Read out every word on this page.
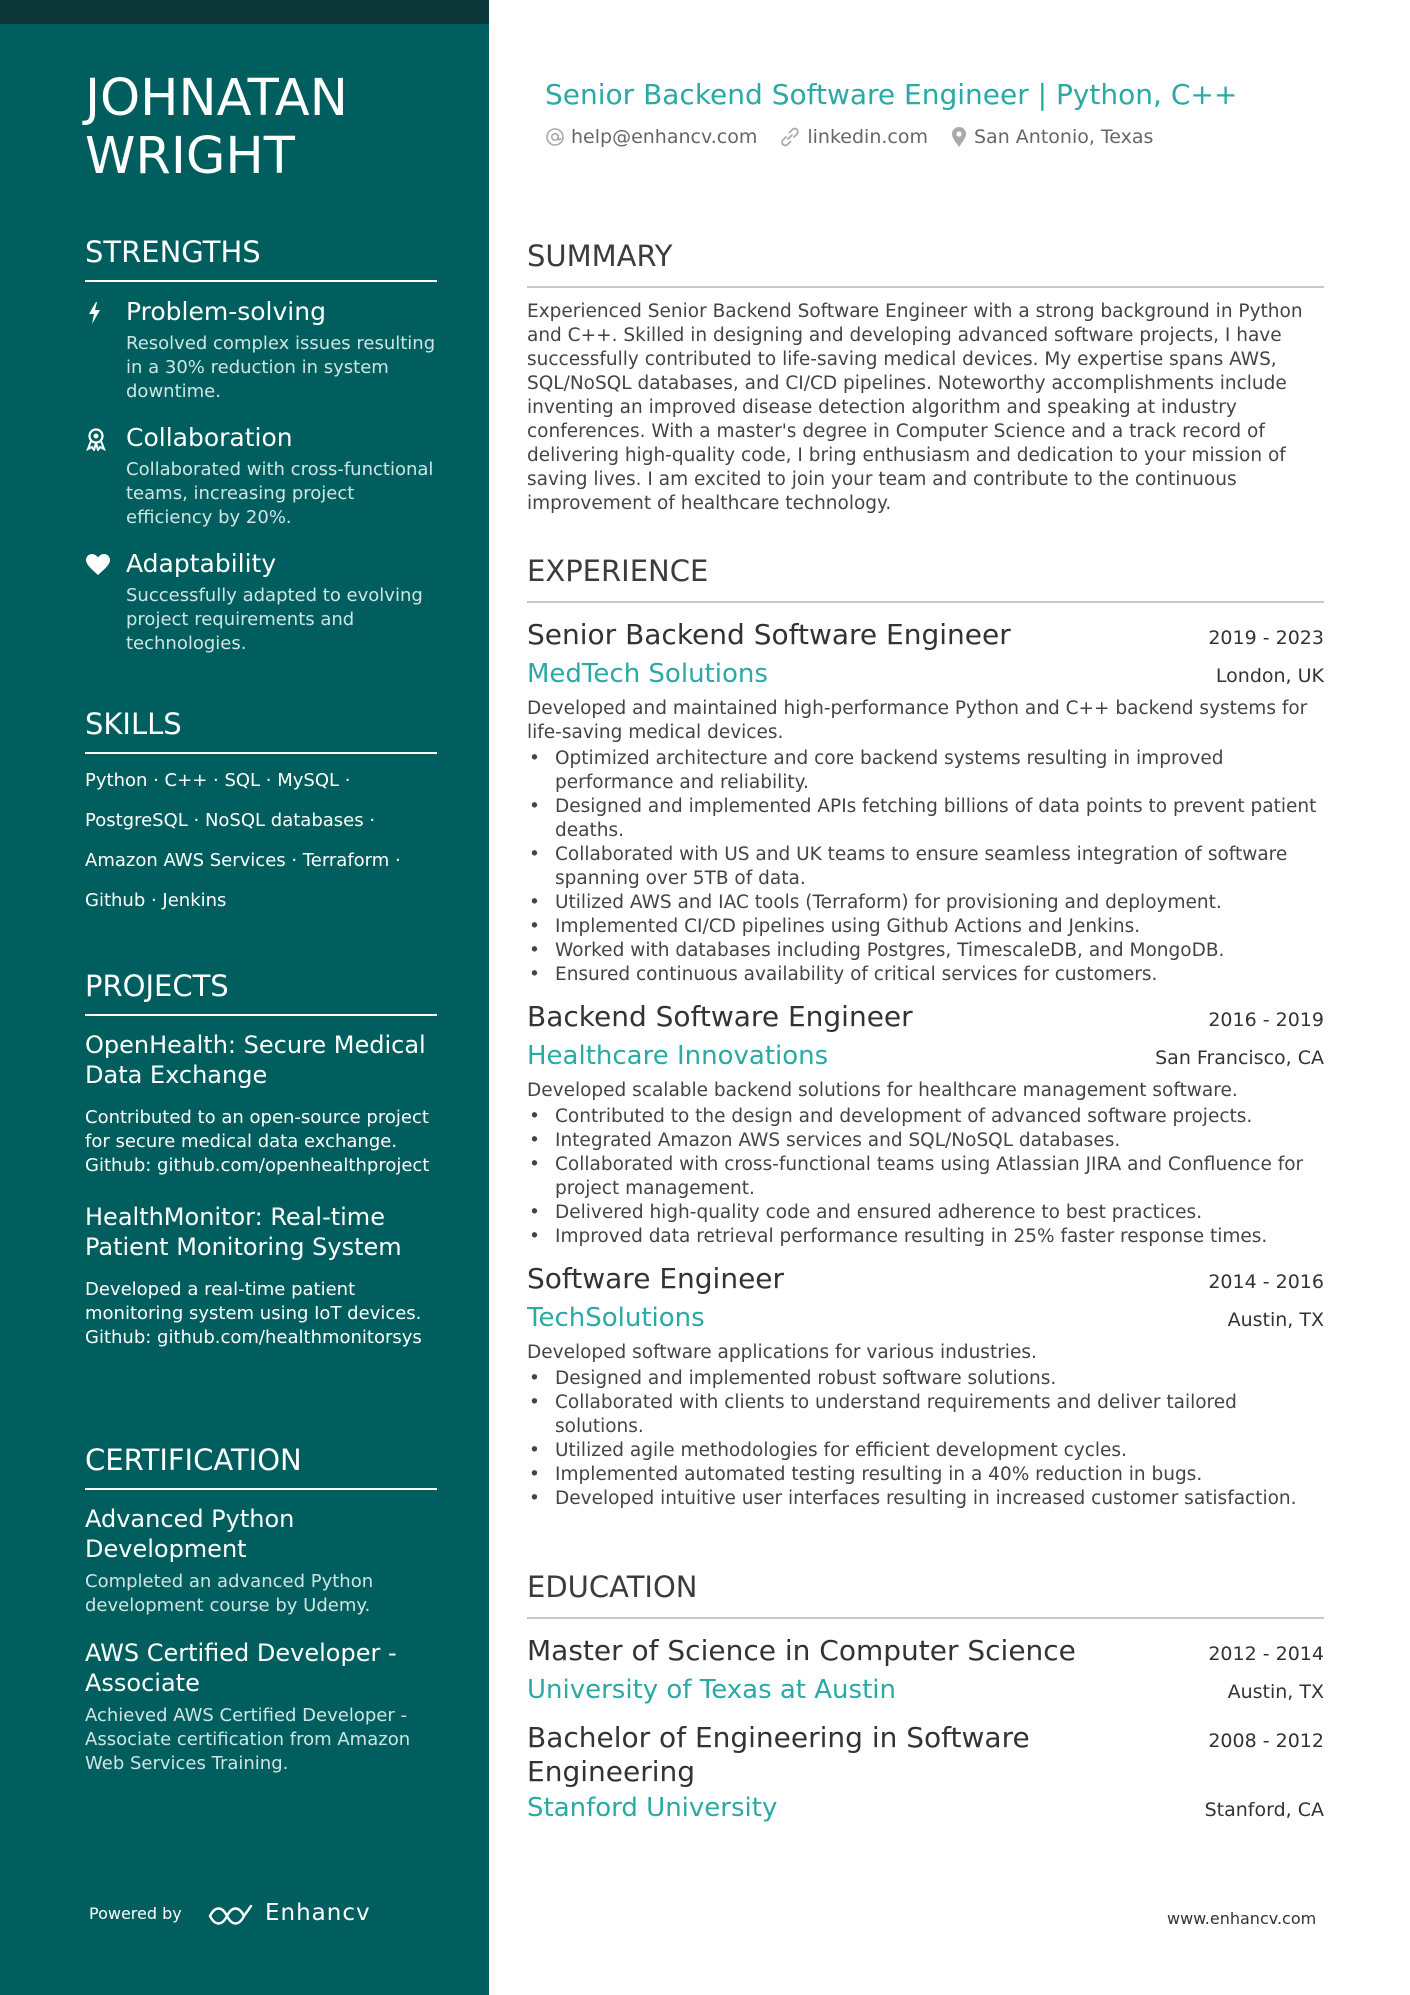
JOHNATAN WRIGHT
STRENGTHS
Problem-solving
Resolved complex issues resulting in a 30% reduction in system downtime.
Collaboration
Collaborated with cross-functional teams, increasing project efficiency by 20%.
Adaptability
Successfully adapted to evolving project requirements and technologies.
SKILLS
Python · C++ · SQL · MySQL ·
PostgreSQL · NoSQL databases ·
Amazon AWS Services · Terraform ·
Github · Jenkins
PROJECTS
OpenHealth: Secure Medical Data Exchange
Contributed to an open-source project for secure medical data exchange. Github: github.com/openhealthproject
HealthMonitor: Real-time Patient Monitoring System
Developed a real-time patient monitoring system using IoT devices. Github: github.com/healthmonitorsys
CERTIFICATION
Advanced Python Development
Completed an advanced Python development course by Udemy.
AWS Certified Developer - Associate
Achieved AWS Certified Developer - Associate certification from Amazon Web Services Training.
Powered by	Enhancv
Senior Backend Software Engineer | Python, C++
help@enhancv.com	linkedin.com San Antonio, Texas
SUMMARY
Experienced Senior Backend Software Engineer with a strong background in Python and C++. Skilled in designing and developing advanced software projects, I have successfully contributed to life-saving medical devices. My expertise spans AWS, SQL/NoSQL databases, and CI/CD pipelines. Noteworthy accomplishments include inventing an improved disease detection algorithm and speaking at industry conferences. With a master's degree in Computer Science and a track record of delivering high-quality code, I bring enthusiasm and dedication to your mission of saving lives. I am excited to join your team and contribute to the continuous improvement of healthcare technology.
EXPERIENCE
Senior Backend Software Engineer	2019 - 2023
MedTech Solutions	London, UK
Developed and maintained high-performance Python and C++ backend systems for life-saving medical devices.
• Optimized architecture and core backend systems resulting in improved performance and reliability.
• Designed and implemented APIs fetching billions of data points to prevent patient deaths.
• Collaborated with US and UK teams to ensure seamless integration of software spanning over 5TB of data.
• Utilized AWS and IAC tools (Terraform) for provisioning and deployment.
• Implemented CI/CD pipelines using Github Actions and Jenkins.
• Worked with databases including Postgres, TimescaleDB, and MongoDB.
• Ensured continuous availability of critical services for customers.
Backend Software Engineer	2016 - 2019
Healthcare Innovations	San Francisco, CA
Developed scalable backend solutions for healthcare management software.
• Contributed to the design and development of advanced software projects.
• Integrated Amazon AWS services and SQL/NoSQL databases.
• Collaborated with cross-functional teams using Atlassian JIRA and Confluence for project management.
• Delivered high-quality code and ensured adherence to best practices.
• Improved data retrieval performance resulting in 25% faster response times.
Software Engineer	2014 - 2016
TechSolutions	Austin, TX
Developed software applications for various industries.
• Designed and implemented robust software solutions.
• Collaborated with clients to understand requirements and deliver tailored solutions.
• Utilized agile methodologies for efficient development cycles.
• Implemented automated testing resulting in a 40% reduction in bugs.
• Developed intuitive user interfaces resulting in increased customer satisfaction.
EDUCATION
Master of Science in Computer Science	2012 - 2014
University of Texas at Austin	Austin, TX
Bachelor of Engineering in Software Engineering
2008 - 2012
Stanford University	Stanford, CA
www.enhancv.com
